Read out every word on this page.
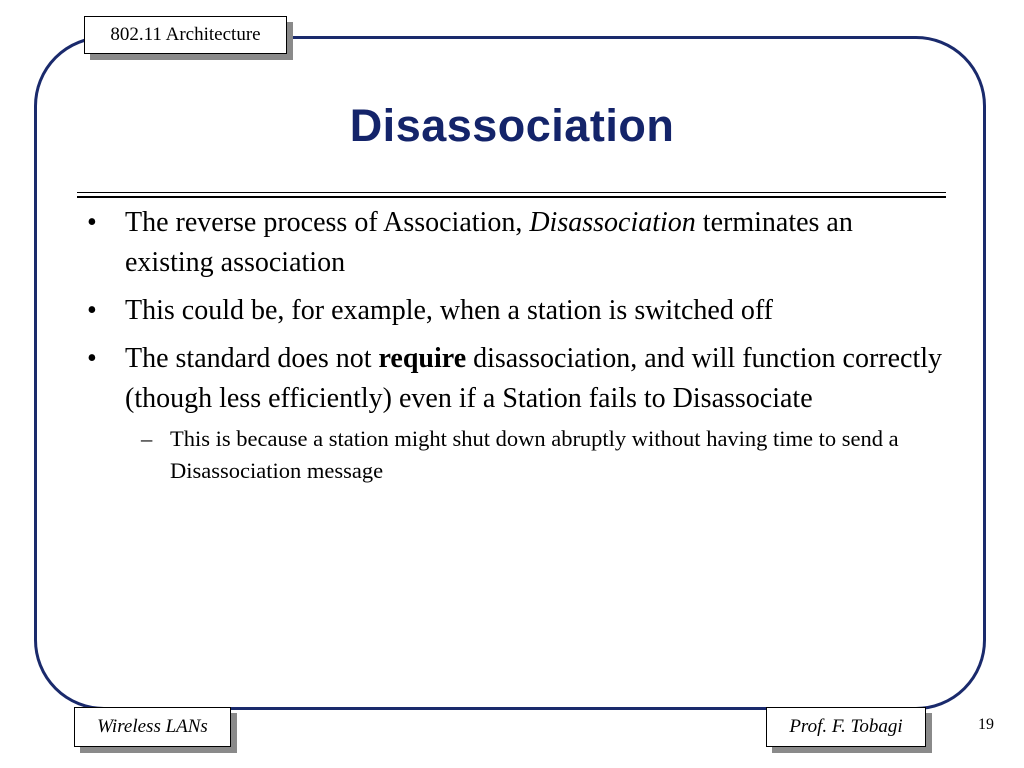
802.11 Architecture
Disassociation
• The reverse process of Association, Disassociation terminates an existing association
• This could be, for example, when a station is switched off
• The standard does not require disassociation, and will function correctly (though less efficiently) even if a Station fails to Disassociate
– This is because a station might shut down abruptly without having time to send a Disassociation message
Wireless LANs	Prof. F. Tobagi	19
